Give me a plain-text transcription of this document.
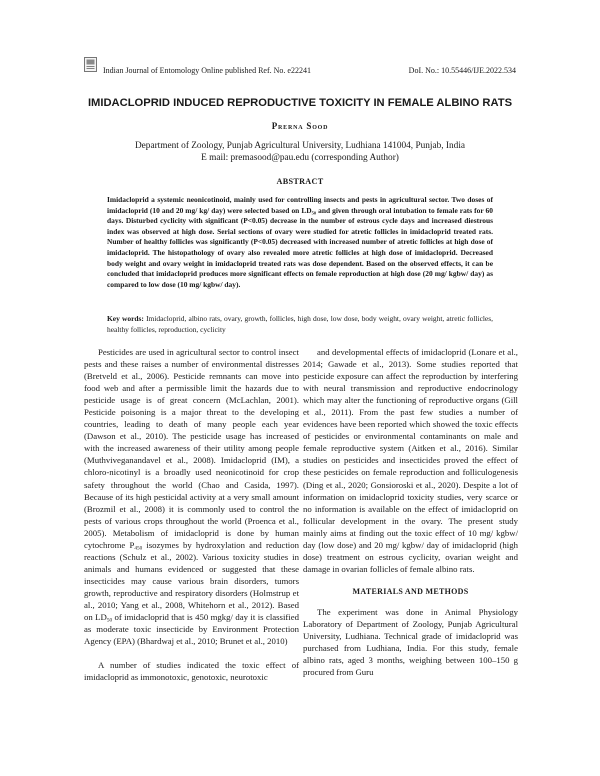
Indian Journal of Entomology Online published Ref. No. e22241	DoI. No.: 10.55446/IJE.2022.534
IMIDACLOPRID INDUCED REPRODUCTIVE TOXICITY IN FEMALE ALBINO RATS
Prerna Sood
Department of Zoology, Punjab Agricultural University, Ludhiana 141004, Punjab, India
E mail: premasood@pau.edu (corresponding Author)
ABSTRACT
Imidacloprid a systemic neonicotinoid, mainly used for controlling insects and pests in agricultural sector. Two doses of imidacloprid (10 and 20 mg/ kg/ day) were selected based on $LD_{50}$ and given through oral intubation to female rats for 60 days. Disturbed cyclicity with significant (P<0.05) decrease in the number of estrous cycle days and increased diestrous index was observed at high dose. Serial sections of ovary were studied for atretic follicles in imidacloprid treated rats. Number of healthy follicles was significantly (P<0.05) decreased with increased number of atretic follicles at high dose of imidacloprid. The histopathology of ovary also revealed more atretic follicles at high dose of imidacloprid. Decreased body weight and ovary weight in imidacloprid treated rats was dose dependent. Based on the observed effects, it can be concluded that imidacloprid produces more significant effects on female reproduction at high dose (20 mg/ kgbw/ day) as compared to low dose (10 mg/ kgbw/ day).
Key words: Imidacloprid, albino rats, ovary, growth, follicles, high dose, low dose, body weight, ovary weight, atretic follicles, healthy follicles, reproduction, cyclicity

Pesticides are used in agricultural sector to control insect pests and these raises a number of environmental distresses (Bretveld et al., 2006). Pesticide remnants can move into food web and after a permissible limit the hazards due to pesticide usage is of great concern (McLachlan, 2001). Pesticide poisoning is a major threat to the developing countries, leading to death of many people each year (Dawson et al., 2010). The pesticide usage has increased with the increased awareness of their utility among people (Muthviveganandavel et al., 2008). Imidacloprid (IM), a chloro-nicotinyl is a broadly used neonicotinoid for crop safety throughout the world (Chao and Casida, 1997). Because of its high pesticidal activity at a very small amount (Brozmil et al., 2008) it is commonly used to control the pests of various crops throughout the world (Proenca et al., 2005). Metabolism of imidacloprid is done by human cytochrome $P_{450}$ isozymes by hydroxylation and reduction reactions (Schulz et al., 2002). Various toxicity studies in animals and humans evidenced or suggested that these insecticides may cause various brain disorders, tumors growth, reproductive and respiratory disorders (Holmstrup et al., 2010; Yang et al., 2008, Whitehorn et al., 2012). Based on $LD_{50}$ of imidacloprid that is 450 mgkg/ day it is classified as moderate toxic insecticide by Environment Protection Agency (EPA) (Bhardwaj et al., 2010; Brunet et al., 2010)

A number of studies indicated the toxic effect of imidacloprid as immonotoxic, genotoxic, neurotoxic

and developmental effects of imidacloprid (Lonare et al., 2014; Gawade et al., 2013). Some studies reported that pesticide exposure can affect the reproduction by interfering with neural transmission and reproductive endocrinology which may alter the functioning of reproductive organs (Gill et al., 2011). From the past few studies a number of evidences have been reported which showed the toxic effects of pesticides or environmental contaminants on male and female reproductive system (Aitken et al., 2016). Similar studies on pesticides and insecticides proved the effect of these pesticides on female reproduction and folliculogenesis (Ding et al., 2020; Gonsioroski et al., 2020). Despite a lot of information on imidacloprid toxicity studies, very scarce or no information is available on the effect of imidacloprid on follicular development in the ovary. The present study mainly aims at finding out the toxic effect of 10 mg/ kgbw/ day (low dose) and 20 mg/ kgbw/ day of imidacloprid (high dose) treatment on estrous cyclicity, ovarian weight and damage in ovarian follicles of female albino rats.

MATERIALS AND METHODS

The experiment was done in Animal Physiology Laboratory of Department of Zoology, Punjab Agricultural University, Ludhiana. Technical grade of imidacloprid was purchased from Ludhiana, India. For this study, female albino rats, aged 3 months, weighing between 100–150 g procured from Guru
